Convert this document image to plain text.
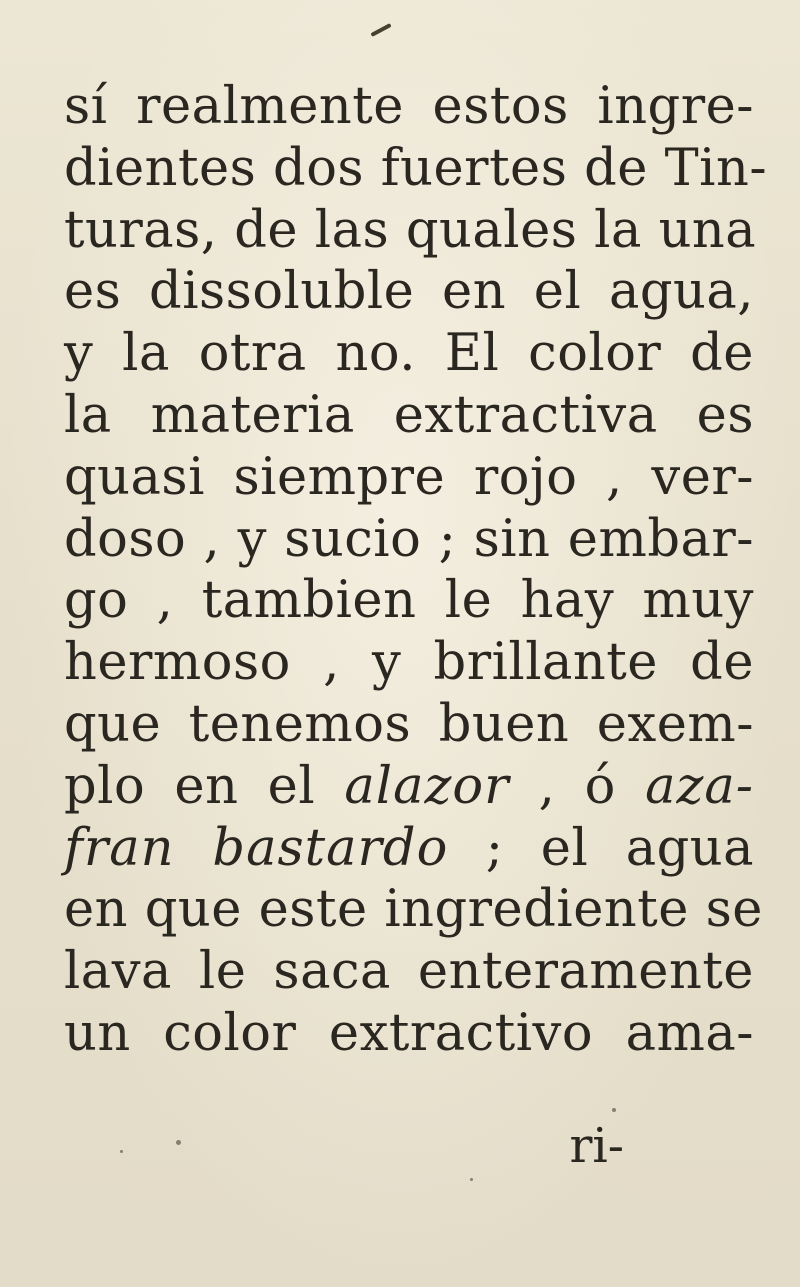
sí realmente estos ingre-
dientes dos fuertes de Tin-
turas, de las quales la una
es dissoluble en el agua,
y la otra no. El color de
la materia extractiva es
quasi siempre rojo , ver-
doso , y sucio ; sin embar-
go , tambien le hay muy
hermoso , y brillante de
que tenemos buen exem-
plo en el alazor , ó aza-
fran bastardo ; el agua
en que este ingrediente se
lava le saca enteramente
un color extractivo ama-
ri-
